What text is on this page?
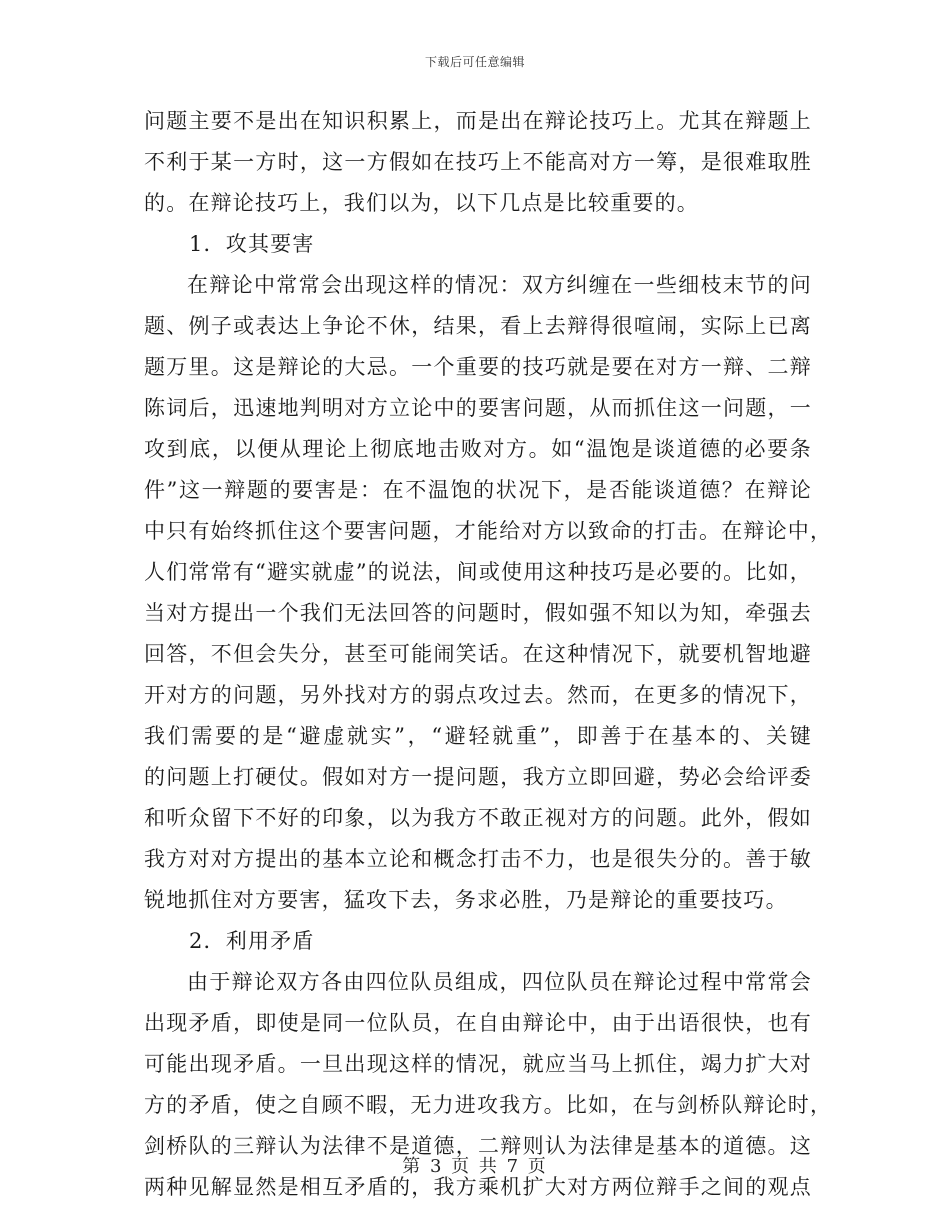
下载后可任意编辑
问题主要不是出在知识积累上，而是出在辩论技巧上。尤其在辩题上
不利于某一方时，这一方假如在技巧上不能高对方一筹，是很难取胜
的。在辩论技巧上，我们以为，以下几点是比较重要的。
1．攻其要害
在辩论中常常会出现这样的情况：双方纠缠在一些细枝末节的问
题、例子或表达上争论不休，结果，看上去辩得很喧闹，实际上已离
题万里。这是辩论的大忌。一个重要的技巧就是要在对方一辩、二辩
陈词后，迅速地判明对方立论中的要害问题，从而抓住这一问题，一
攻到底，以便从理论上彻底地击败对方。如“温饱是谈道德的必要条
件”这一辩题的要害是：在不温饱的状况下，是否能谈道德？在辩论
中只有始终抓住这个要害问题，才能给对方以致命的打击。在辩论中，
人们常常有“避实就虚”的说法，间或使用这种技巧是必要的。比如，
当对方提出一个我们无法回答的问题时，假如强不知以为知，牵强去
回答，不但会失分，甚至可能闹笑话。在这种情况下，就要机智地避
开对方的问题，另外找对方的弱点攻过去。然而，在更多的情况下，
我们需要的是“避虚就实”，“避轻就重”，即善于在基本的、关键
的问题上打硬仗。假如对方一提问题，我方立即回避，势必会给评委
和听众留下不好的印象，以为我方不敢正视对方的问题。此外，假如
我方对对方提出的基本立论和概念打击不力，也是很失分的。善于敏
锐地抓住对方要害，猛攻下去，务求必胜，乃是辩论的重要技巧。
2．利用矛盾
由于辩论双方各由四位队员组成，四位队员在辩论过程中常常会
出现矛盾，即使是同一位队员，在自由辩论中，由于出语很快，也有
可能出现矛盾。一旦出现这样的情况，就应当马上抓住，竭力扩大对
方的矛盾，使之自顾不暇，无力进攻我方。比如，在与剑桥队辩论时，
剑桥队的三辩认为法律不是道德，二辩则认为法律是基本的道德。这
两种见解显然是相互矛盾的，我方乘机扩大对方两位辩手之间的观点
第 3 页 共 7 页
